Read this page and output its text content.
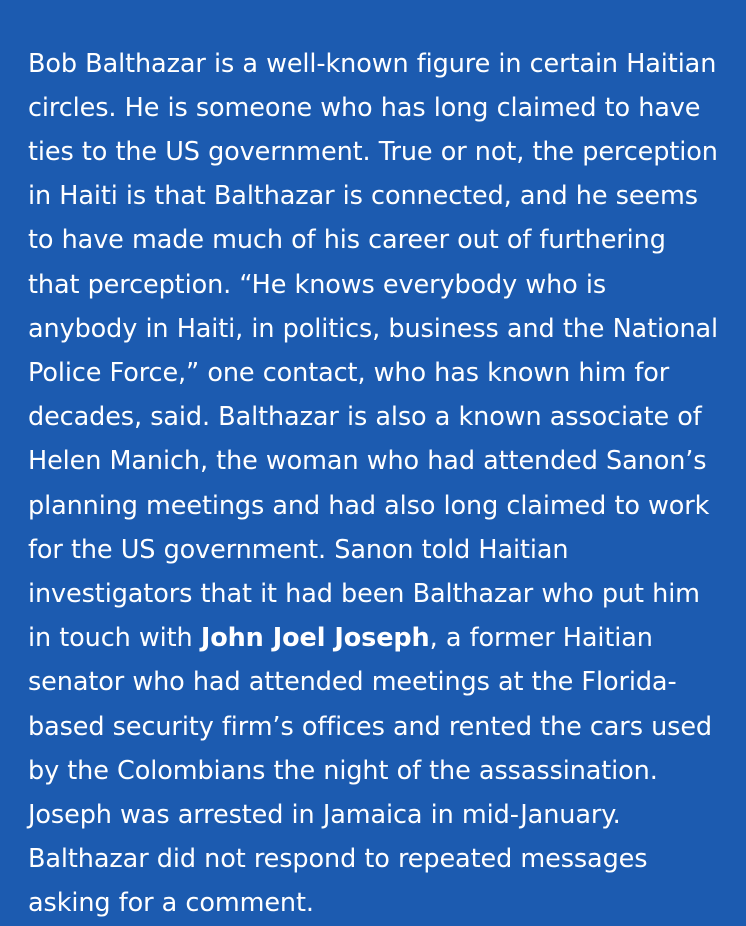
Bob Balthazar is a well-known figure in certain Haitian circles. He is someone who has long claimed to have ties to the US government. True or not, the perception in Haiti is that Balthazar is connected, and he seems to have made much of his career out of furthering that perception. “He knows everybody who is anybody in Haiti, in politics, business and the National Police Force,” one contact, who has known him for decades, said. Balthazar is also a known associate of Helen Manich, the woman who had attended Sanon’s planning meetings and had also long claimed to work for the US government. Sanon told Haitian investigators that it had been Balthazar who put him in touch with John Joel Joseph, a former Haitian senator who had attended meetings at the Florida-based security firm’s offices and rented the cars used by the Colombians the night of the assassination. Joseph was arrested in Jamaica in mid-January. Balthazar did not respond to repeated messages asking for a comment.
